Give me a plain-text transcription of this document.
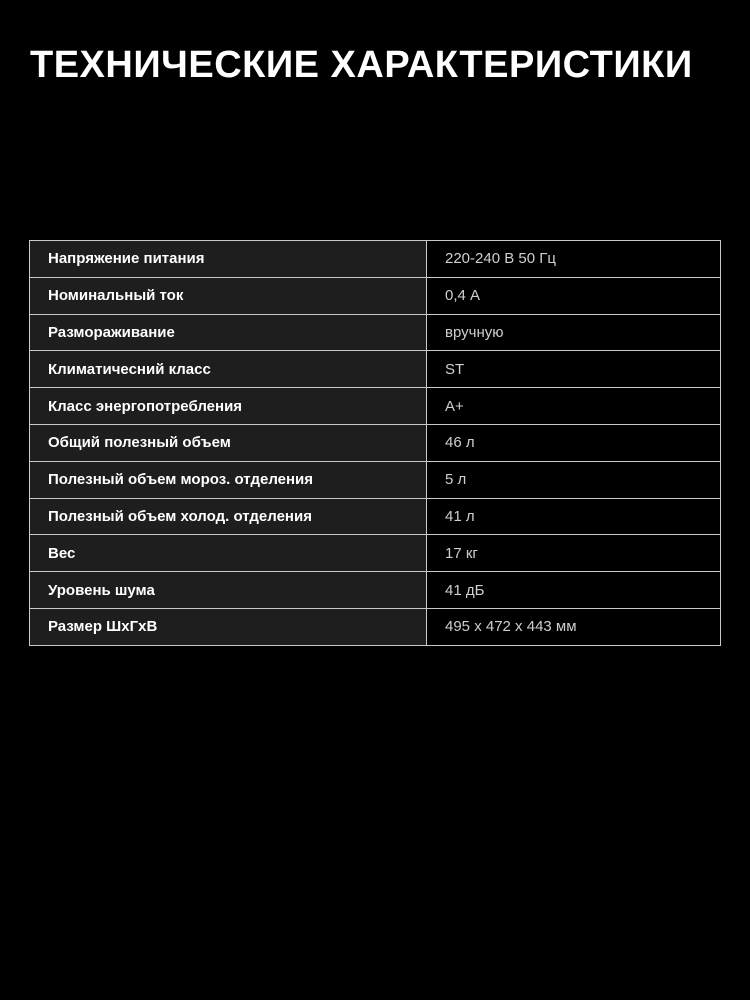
ТЕХНИЧЕСКИЕ ХАРАКТЕРИСТИКИ
Напряжение питания	220-240 В 50 Гц
Номинальный ток	0,4 А
Размораживание	вручную
Климатичесний класс	ST
Класс энергопотребления	А+
Общий полезный объем	46 л
Полезный объем мороз. отделения	5 л
Полезный объем холод. отделения	41 л
Вес	17 кг
Уровень шума	41 дБ
Размер ШхГхВ	495 х 472 х 443 мм
